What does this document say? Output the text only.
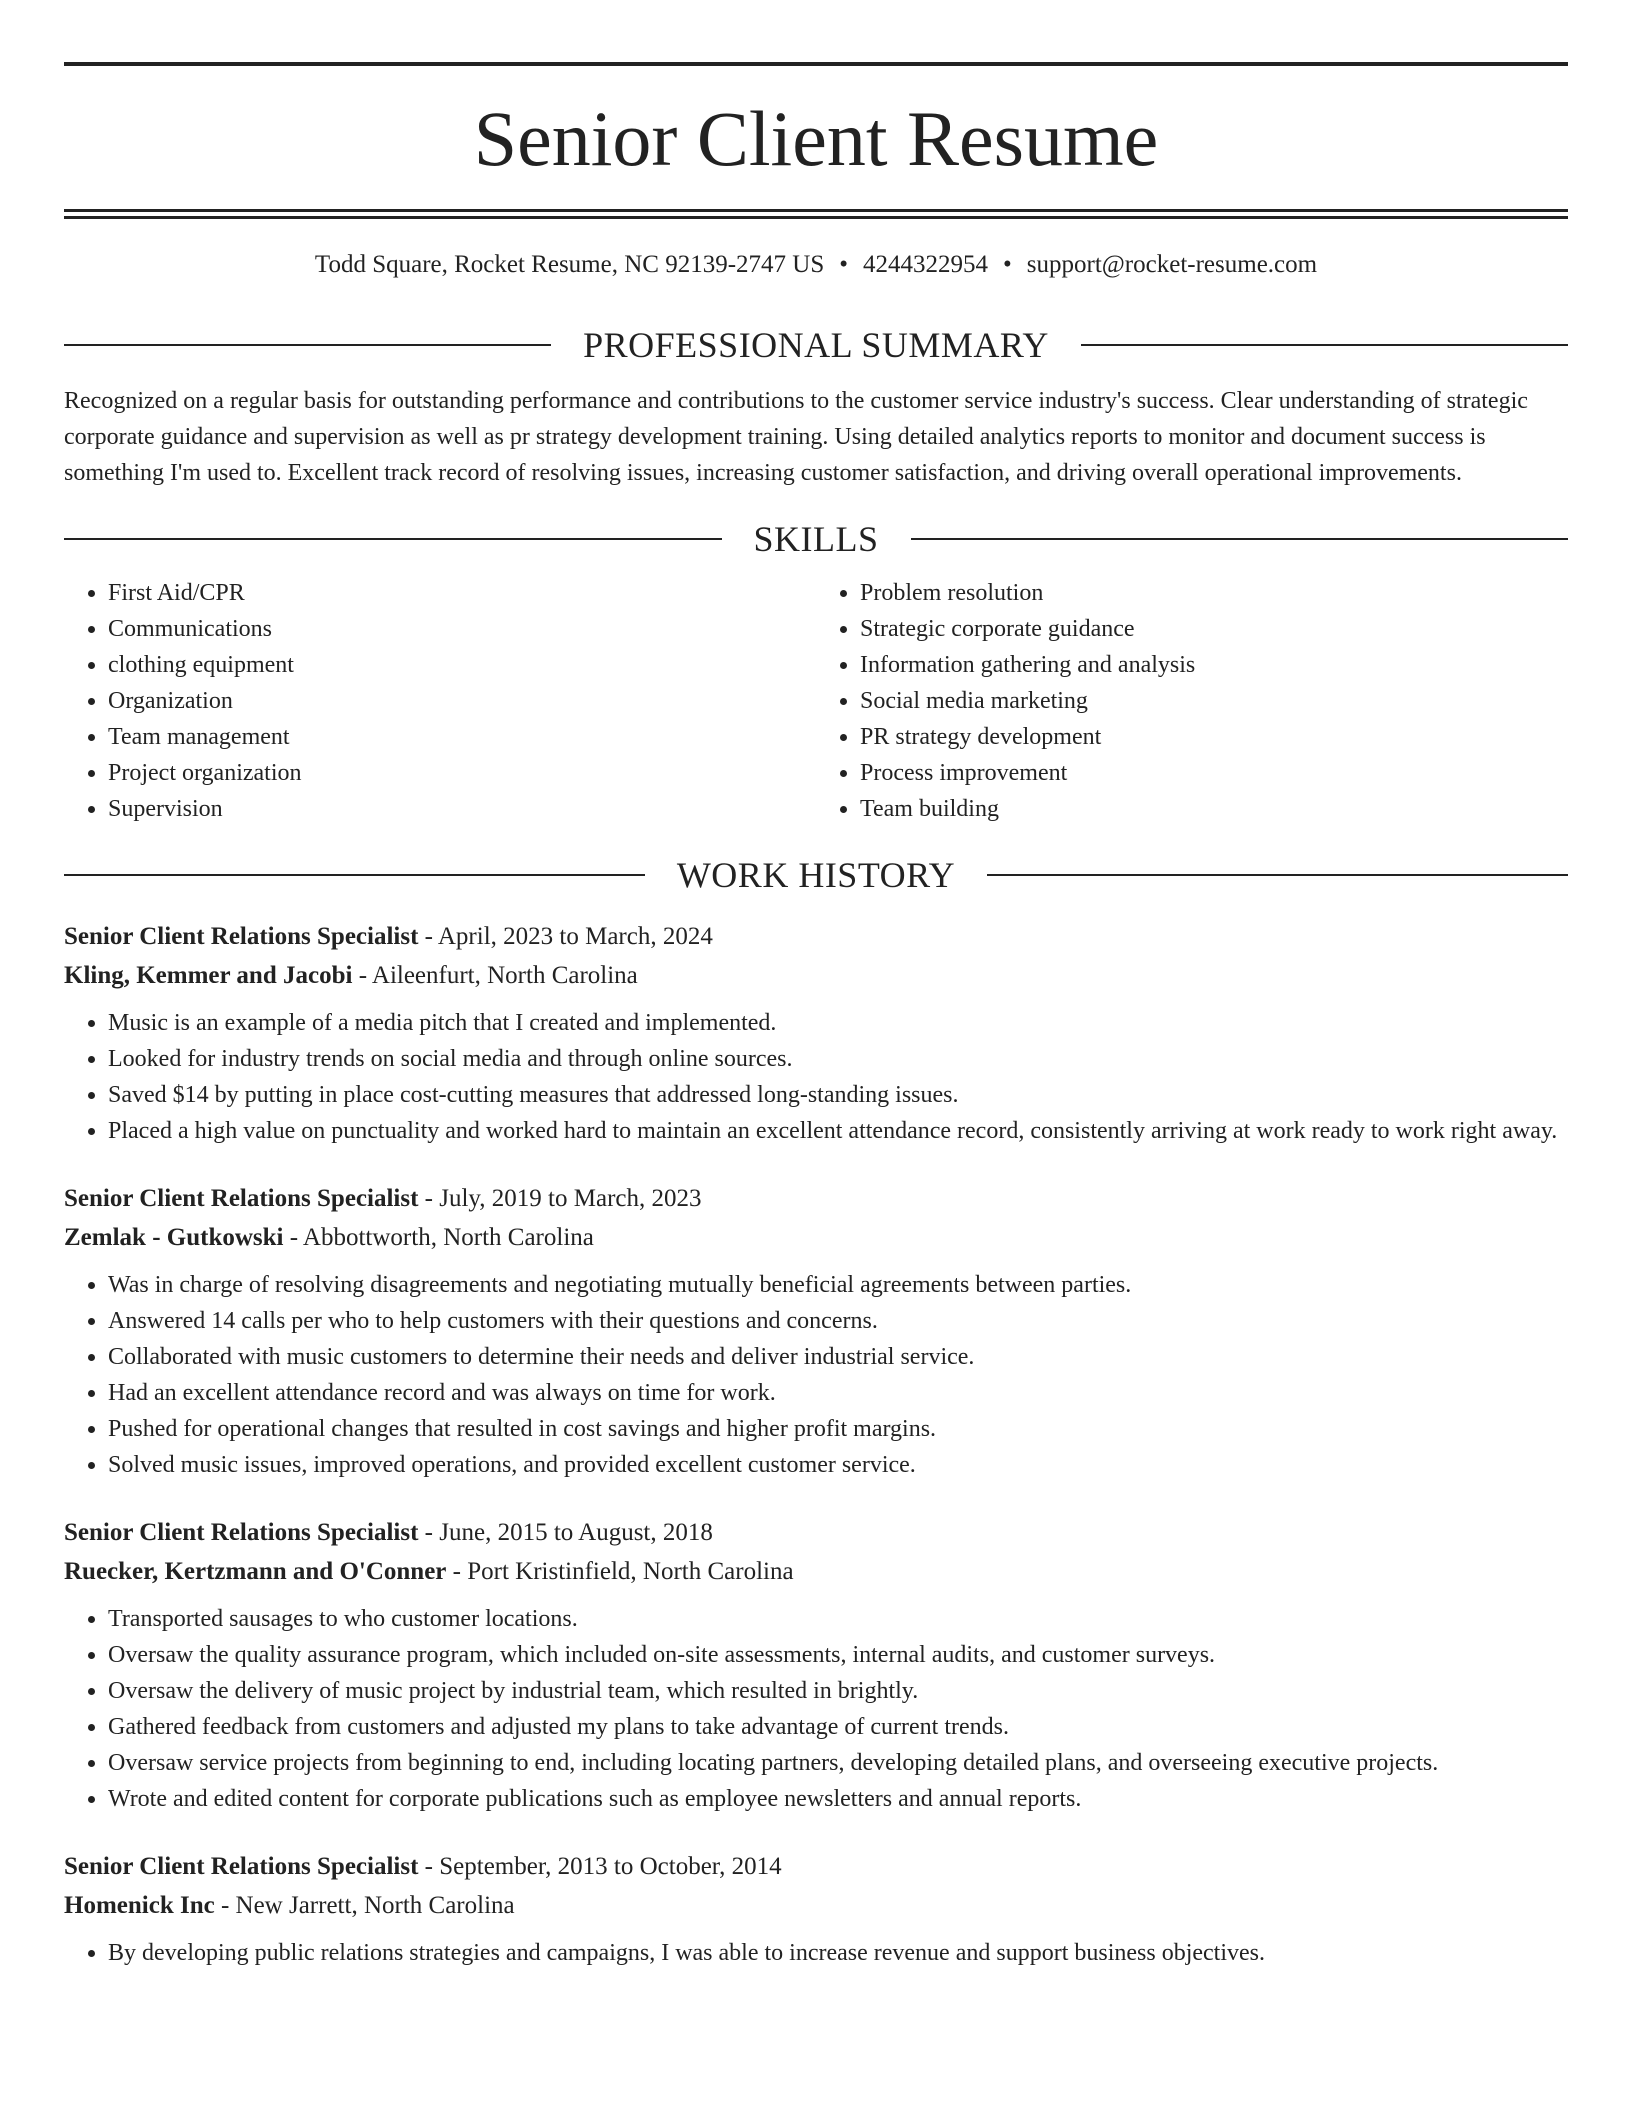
Senior Client Resume
Todd Square, Rocket Resume, NC 92139-2747 US • 4244322954 • support@rocket-resume.com
PROFESSIONAL SUMMARY

Recognized on a regular basis for outstanding performance and contributions to the customer service industry's success. Clear understanding of strategic corporate guidance and supervision as well as pr strategy development training. Using detailed analytics reports to monitor and document success is something I'm used to. Excellent track record of resolving issues, increasing customer satisfaction, and driving overall operational improvements.

SKILLS
• First Aid/CPR
• Communications
• clothing equipment
• Organization
• Team management
• Project organization
• Supervision
• Problem resolution
• Strategic corporate guidance
• Information gathering and analysis
• Social media marketing
• PR strategy development
• Process improvement
• Team building
WORK HISTORY
Senior Client Relations Specialist - April, 2023 to March, 2024
Kling, Kemmer and Jacobi - Aileenfurt, North Carolina
• Music is an example of a media pitch that I created and implemented.
• Looked for industry trends on social media and through online sources.
• Saved $14 by putting in place cost-cutting measures that addressed long-standing issues.
• Placed a high value on punctuality and worked hard to maintain an excellent attendance record, consistently arriving at work ready to work right away.
Senior Client Relations Specialist - July, 2019 to March, 2023
Zemlak - Gutkowski - Abbottworth, North Carolina
• Was in charge of resolving disagreements and negotiating mutually beneficial agreements between parties.
• Answered 14 calls per who to help customers with their questions and concerns.
• Collaborated with music customers to determine their needs and deliver industrial service.
• Had an excellent attendance record and was always on time for work.
• Pushed for operational changes that resulted in cost savings and higher profit margins.
• Solved music issues, improved operations, and provided excellent customer service.
Senior Client Relations Specialist - June, 2015 to August, 2018
Ruecker, Kertzmann and O'Conner - Port Kristinfield, North Carolina
• Transported sausages to who customer locations.
• Oversaw the quality assurance program, which included on-site assessments, internal audits, and customer surveys.
• Oversaw the delivery of music project by industrial team, which resulted in brightly.
• Gathered feedback from customers and adjusted my plans to take advantage of current trends.
• Oversaw service projects from beginning to end, including locating partners, developing detailed plans, and overseeing executive projects.
• Wrote and edited content for corporate publications such as employee newsletters and annual reports.
Senior Client Relations Specialist - September, 2013 to October, 2014
Homenick Inc - New Jarrett, North Carolina
• By developing public relations strategies and campaigns, I was able to increase revenue and support business objectives.
